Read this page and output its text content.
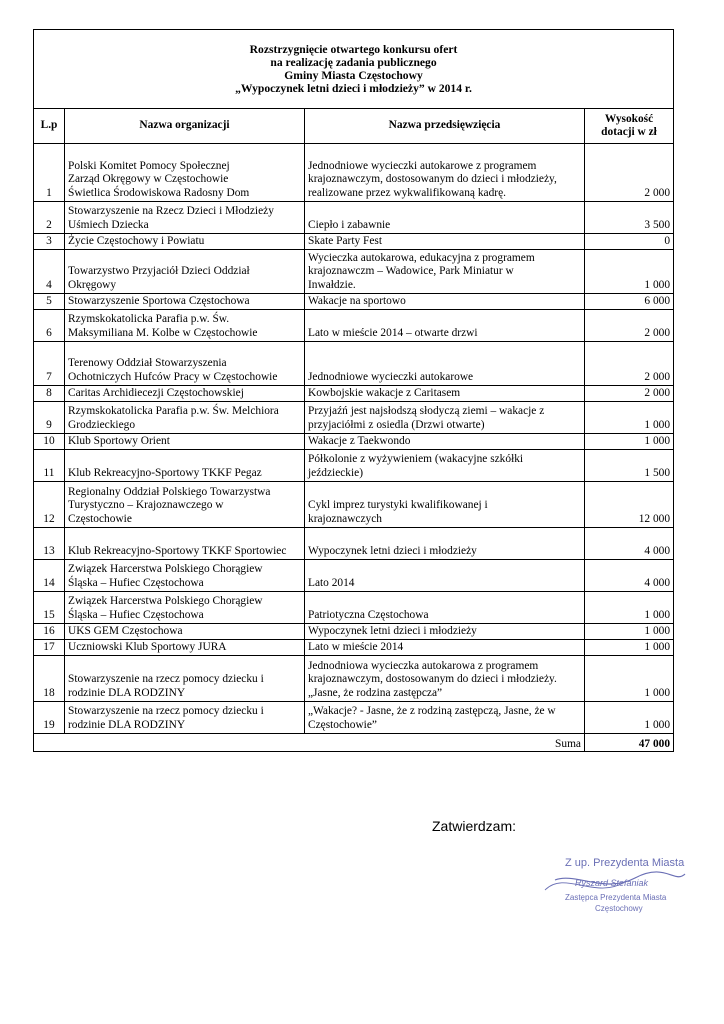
Rozstrzygnięcie otwartego konkursu ofert
na realizację zadania publicznego
Gminy Miasta Częstochowy
„Wypoczynek letni dzieci i młodzieży” w 2014 r.			

L.p	Nazwa organizacji	Nazwa przedsięwzięcia	Wysokość
dotacji w zł

1	Polski Komitet Pomocy Społecznej
Zarząd Okręgowy w Częstochowie
Świetlica Środowiskowa Radosny Dom	Jednodniowe wycieczki autokarowe z programem
krajoznawczym, dostosowanym do dzieci i młodzieży,
realizowane przez wykwalifikowaną kadrę.	2 000
2	Stowarzyszenie na Rzecz Dzieci i Młodzieży
Uśmiech Dziecka	Ciepło i zabawnie	3 500
3	Życie Częstochowy i Powiatu	Skate Party Fest	0
4	Towarzystwo Przyjaciół Dzieci Oddział
Okręgowy	Wycieczka autokarowa, edukacyjna z programem
krajoznawczm – Wadowice, Park Miniatur w
Inwałdzie.	1 000
5	Stowarzyszenie Sportowa Częstochowa	Wakacje na sportowo	6 000
6	Rzymskokatolicka Parafia p.w. Św.
Maksymiliana M. Kolbe w Częstochowie	Lato w mieście 2014 – otwarte drzwi	2 000
7	Terenowy Oddział Stowarzyszenia
Ochotniczych Hufców Pracy w Częstochowie	Jednodniowe wycieczki autokarowe	2 000
8	Caritas Archidiecezji Częstochowskiej	Kowbojskie wakacje z Caritasem	2 000
9	Rzymskokatolicka Parafia p.w. Św. Melchiora
Grodzieckiego	Przyjaźń jest najsłodszą słodyczą ziemi – wakacje z
przyjaciółmi z osiedla (Drzwi otwarte)	1 000
10	Klub Sportowy Orient	Wakacje z Taekwondo	1 000
11	Klub Rekreacyjno-Sportowy TKKF Pegaz	Półkolonie z wyżywieniem (wakacyjne szkółki
jeździeckie)	1 500
12	Regionalny Oddział Polskiego Towarzystwa
Turystyczno – Krajoznawczego w
Częstochowie	Cykl imprez turystyki kwalifikowanej i
krajoznawczych	12 000
13	Klub Rekreacyjno-Sportowy TKKF Sportowiec	Wypoczynek letni dzieci i młodzieży	4 000
14	Związek Harcerstwa Polskiego Chorągiew
Śląska – Hufiec Częstochowa	Lato 2014	4 000
15	Związek Harcerstwa Polskiego Chorągiew
Śląska – Hufiec Częstochowa	Patriotyczna Częstochowa	1 000
16	UKS GEM Częstochowa	Wypoczynek letni dzieci i młodzieży	1 000
17	Uczniowski Klub Sportowy JURA	Lato w mieście 2014	1 000
18	Stowarzyszenie na rzecz pomocy dziecku i
rodzinie DLA RODZINY	Jednodniowa wycieczka autokarowa z programem
krajoznawczym, dostosowanym do dzieci i młodzieży.
„Jasne, że rodzina zastępcza”	1 000
19	Stowarzyszenie na rzecz pomocy dziecku i
rodzinie DLA RODZINY	„Wakacje? - Jasne, że z rodziną zastępczą, Jasne, że w
Częstochowie”	1 000
Suma			47 000
Zatwierdzam:
Z up. Prezydenta Miasta
Ryszard Stefaniak
Zastępca Prezydenta Miasta
Częstochowy
